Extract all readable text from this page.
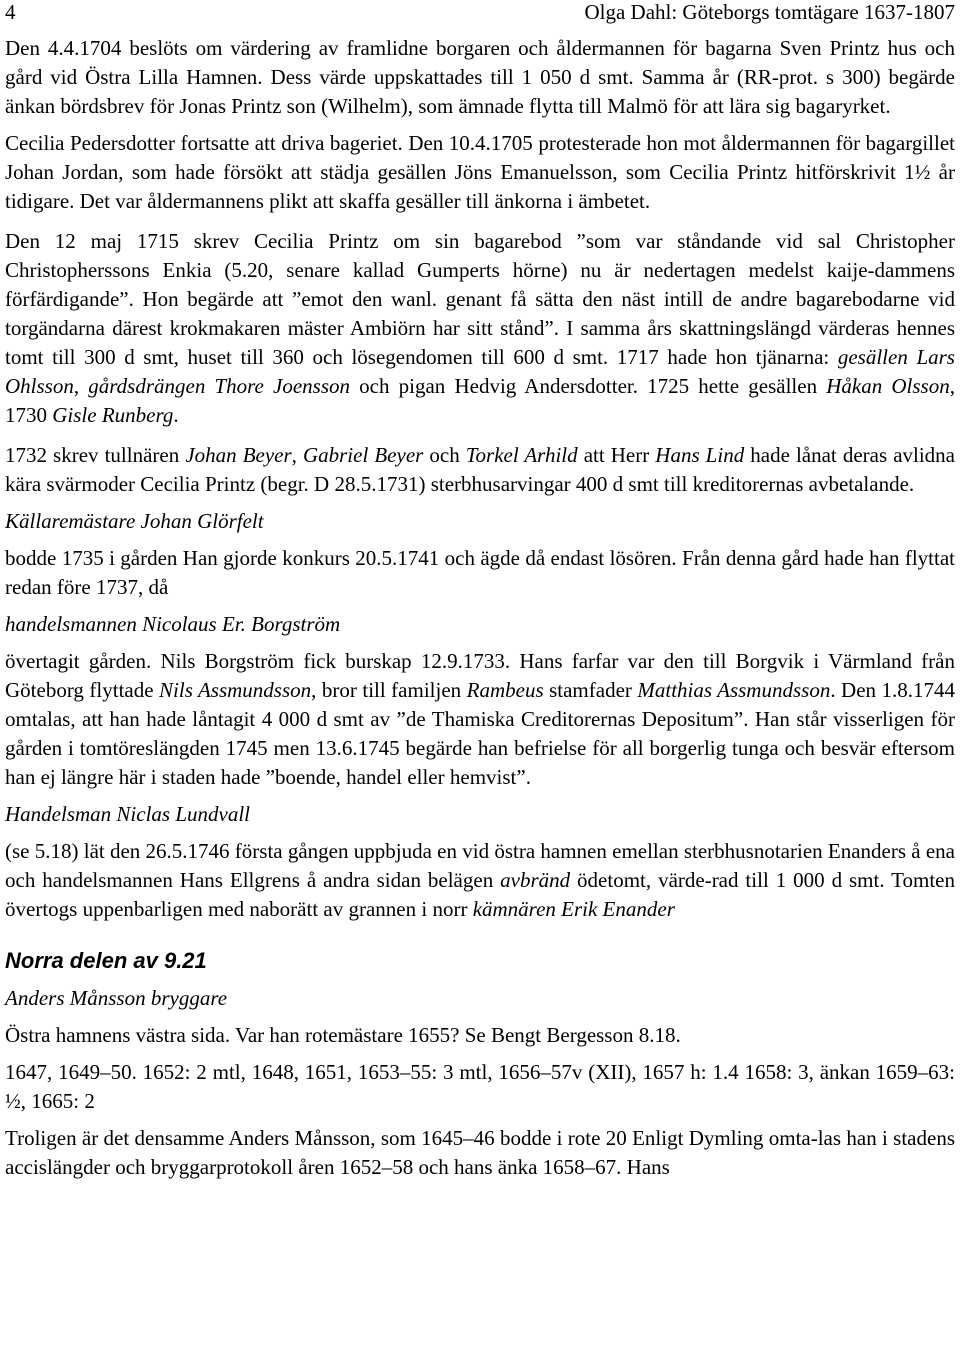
4	Olga Dahl: Göteborgs tomtägare 1637-1807

Den 4.4.1704 beslöts om värdering av framlidne borgaren och åldermannen för bagarna Sven Printz hus och gård vid Östra Lilla Hamnen. Dess värde uppskattades till 1 050 d smt. Samma år (RR-prot. s 300) begärde änkan bördsbrev för Jonas Printz son (Wilhelm), som ämnade flytta till Malmö för att lära sig bagaryrket.

Cecilia Pedersdotter fortsatte att driva bageriet. Den 10.4.1705 protesterade hon mot åldermannen för bagargillet Johan Jordan, som hade försökt att städja gesällen Jöns Emanuelsson, som Cecilia Printz hitförskrivit 1½ år tidigare. Det var åldermannens plikt att skaffa gesäller till änkorna i ämbetet.

Den 12 maj 1715 skrev Cecilia Printz om sin bagarebod ”som var ståndande vid sal Christopher Christopherssons Enkia (5.20, senare kallad Gumperts hörne) nu är nedertagen medelst kaije-dammens förfärdigande”. Hon begärde att ”emot den wanl. genant få sätta den näst intill de andre bagarebodarne vid torgändarna därest krokmakaren mäster Ambiörn har sitt stånd”. I samma års skattningslängd värderas hennes tomt till 300 d smt, huset till 360 och lösegendomen till 600 d smt. 1717 hade hon tjänarna: gesällen Lars Ohlsson, gårdsdrängen Thore Joensson och pigan Hedvig Andersdotter. 1725 hette gesällen Håkan Olsson, 1730 Gisle Runberg.

1732 skrev tullnären Johan Beyer, Gabriel Beyer och Torkel Arhild att Herr Hans Lind hade lånat deras avlidna kära svärmoder Cecilia Printz (begr. D 28.5.1731) sterbhusarvingar 400 d smt till kreditorernas avbetalande.

Källaremästare Johan Glörfelt

bodde 1735 i gården Han gjorde konkurs 20.5.1741 och ägde då endast lösören. Från denna gård hade han flyttat redan före 1737, då

handelsmannen Nicolaus Er. Borgström

övertagit gården. Nils Borgström fick burskap 12.9.1733. Hans farfar var den till Borgvik i Värmland från Göteborg flyttade Nils Assmundsson, bror till familjen Rambeus stamfader Matthias Assmundsson. Den 1.8.1744 omtalas, att han hade låntagit 4 000 d smt av ”de Thamiska Creditorernas Depositum”. Han står visserligen för gården i tomtöreslängden 1745 men 13.6.1745 begärde han befrielse för all borgerlig tunga och besvär eftersom han ej längre här i staden hade ”boende, handel eller hemvist”.

Handelsman Niclas Lundvall

(se 5.18) lät den 26.5.1746 första gången uppbjuda en vid östra hamnen emellan sterbhusnotarien Enanders å ena och handelsmannen Hans Ellgrens å andra sidan belägen avbränd ödetomt, värde-rad till 1 000 d smt. Tomten övertogs uppenbarligen med naborätt av grannen i norr kämnären Erik Enander

Norra delen av 9.21

Anders Månsson bryggare

Östra hamnens västra sida. Var han rotemästare 1655? Se Bengt Bergesson 8.18.

1647, 1649–50. 1652: 2 mtl, 1648, 1651, 1653–55: 3 mtl, 1656–57v (XII), 1657 h: 1.4 1658: 3, änkan 1659–63: ½, 1665: 2

Troligen är det densamme Anders Månsson, som 1645–46 bodde i rote 20 Enligt Dymling omta-las han i stadens accislängder och bryggarprotokoll åren 1652–58 och hans änka 1658–67. Hans
